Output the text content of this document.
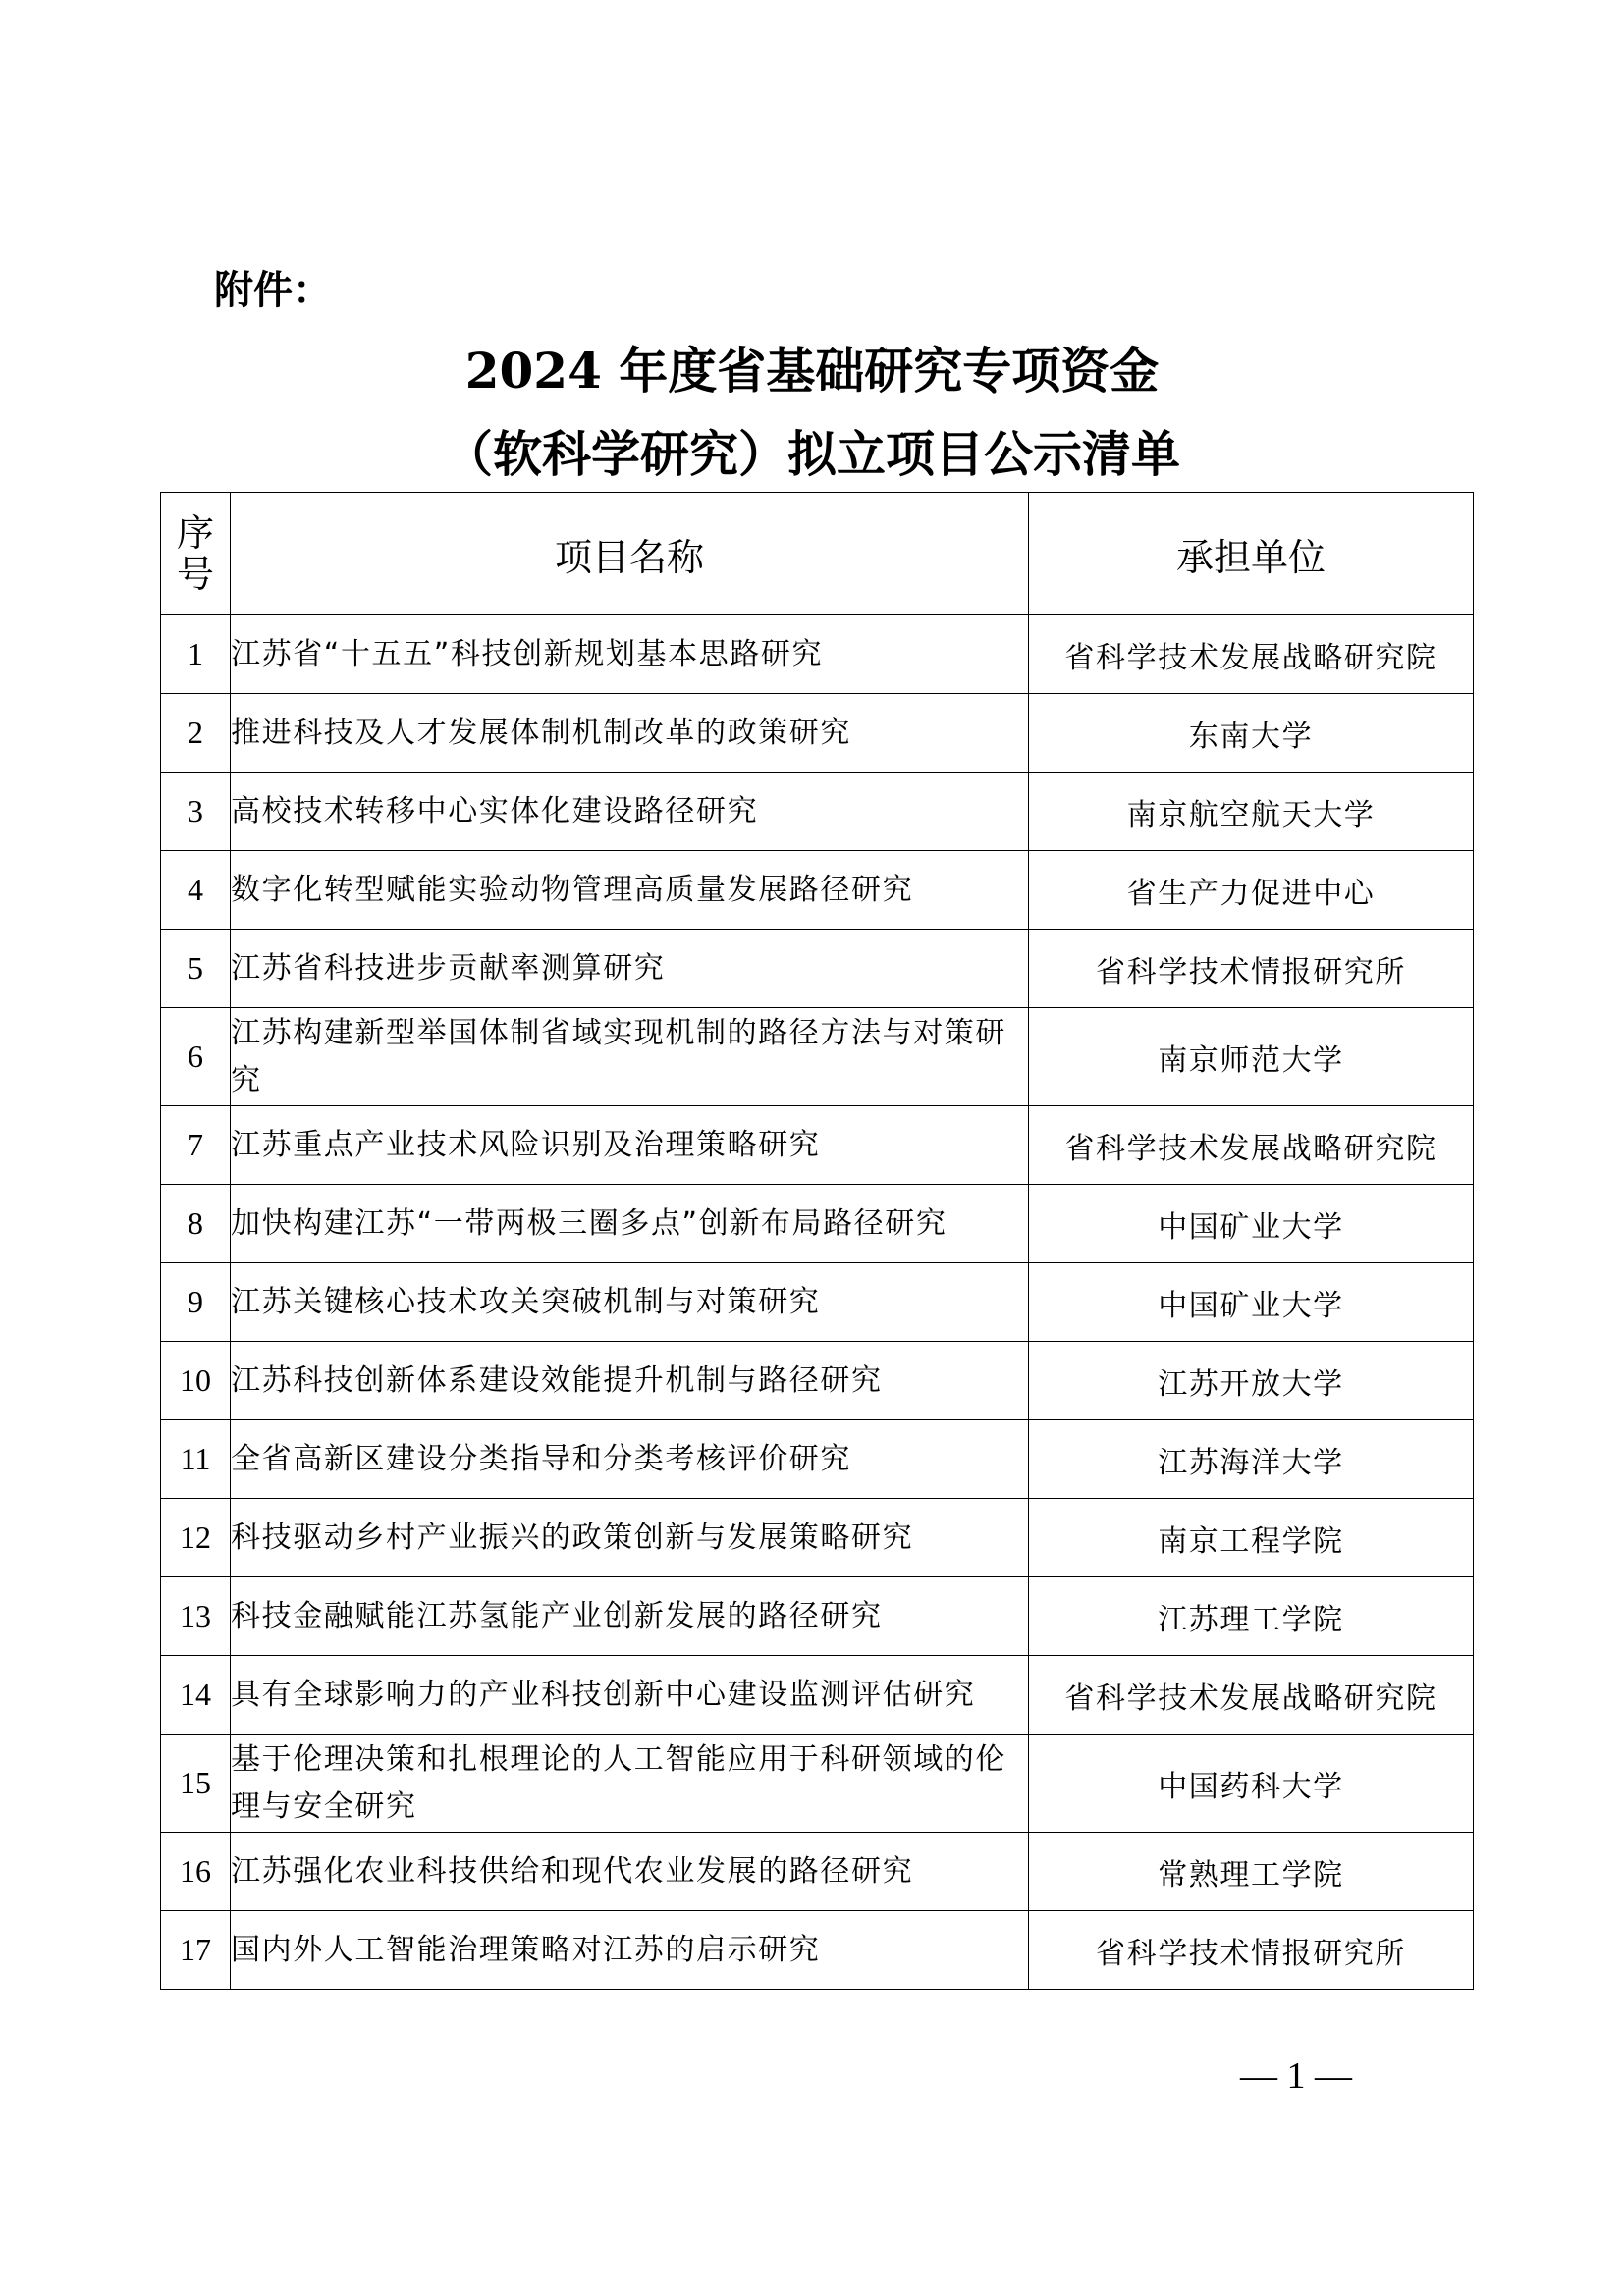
附件：
2024 年度省基础研究专项资金
（软科学研究）拟立项目公示清单
序
号	项目名称	承担单位
1	江苏省“十五五”科技创新规划基本思路研究	省科学技术发展战略研究院
2	推进科技及人才发展体制机制改革的政策研究	东南大学
3	高校技术转移中心实体化建设路径研究	南京航空航天大学
4	数字化转型赋能实验动物管理高质量发展路径研究	省生产力促进中心
5	江苏省科技进步贡献率测算研究	省科学技术情报研究所
6	江苏构建新型举国体制省域实现机制的路径方法与对策研究	南京师范大学
7	江苏重点产业技术风险识别及治理策略研究	省科学技术发展战略研究院
8	加快构建江苏“一带两极三圈多点”创新布局路径研究	中国矿业大学
9	江苏关键核心技术攻关突破机制与对策研究	中国矿业大学
10	江苏科技创新体系建设效能提升机制与路径研究	江苏开放大学
11	全省高新区建设分类指导和分类考核评价研究	江苏海洋大学
12	科技驱动乡村产业振兴的政策创新与发展策略研究	南京工程学院
13	科技金融赋能江苏氢能产业创新发展的路径研究	江苏理工学院
14	具有全球影响力的产业科技创新中心建设监测评估研究	省科学技术发展战略研究院
15	基于伦理决策和扎根理论的人工智能应用于科研领域的伦理与安全研究	中国药科大学
16	江苏强化农业科技供给和现代农业发展的路径研究	常熟理工学院
17	国内外人工智能治理策略对江苏的启示研究	省科学技术情报研究所
— 1 —
